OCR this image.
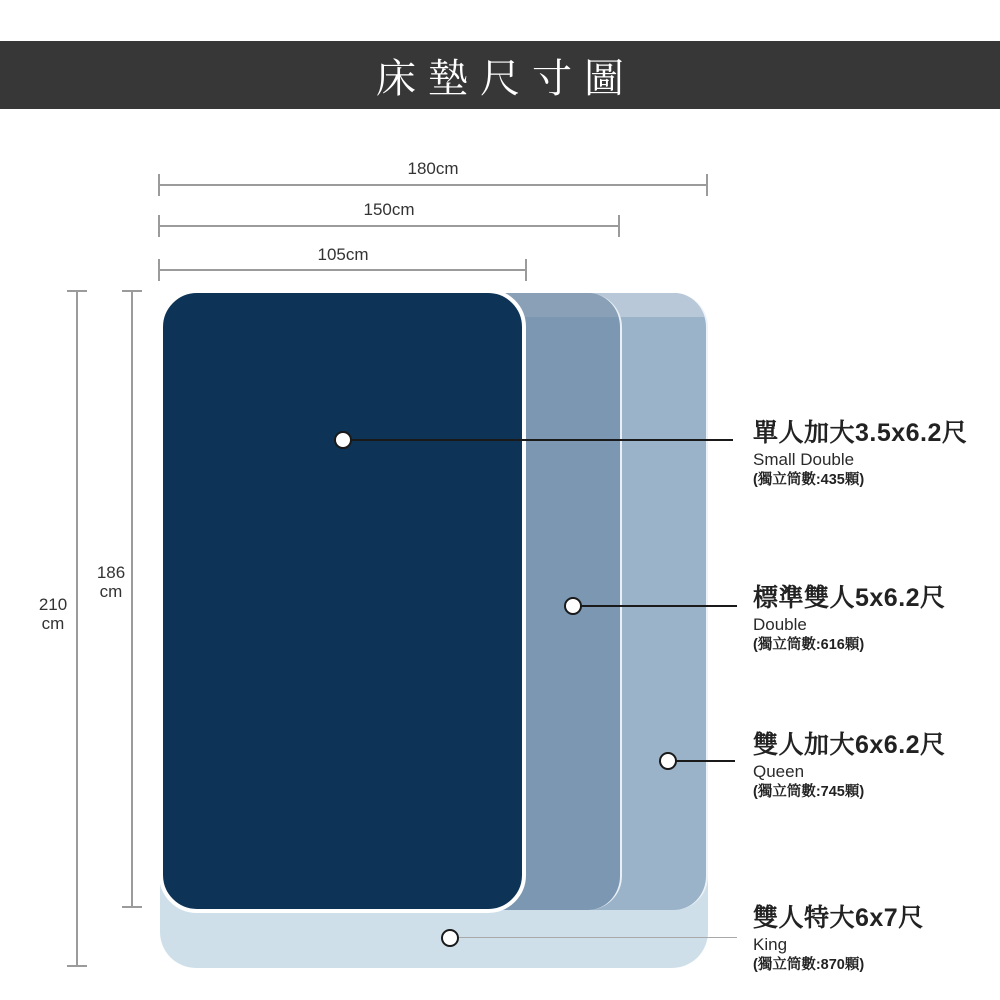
床墊尺寸圖
180cm
150cm
105cm
210
cm
186
cm
單人加大3.5x6.2尺
Small Double
(獨立筒數:435顆)
標準雙人5x6.2尺
Double
(獨立筒數:616顆)
雙人加大6x6.2尺
Queen
(獨立筒數:745顆)
雙人特大6x7尺
King
(獨立筒數:870顆)
